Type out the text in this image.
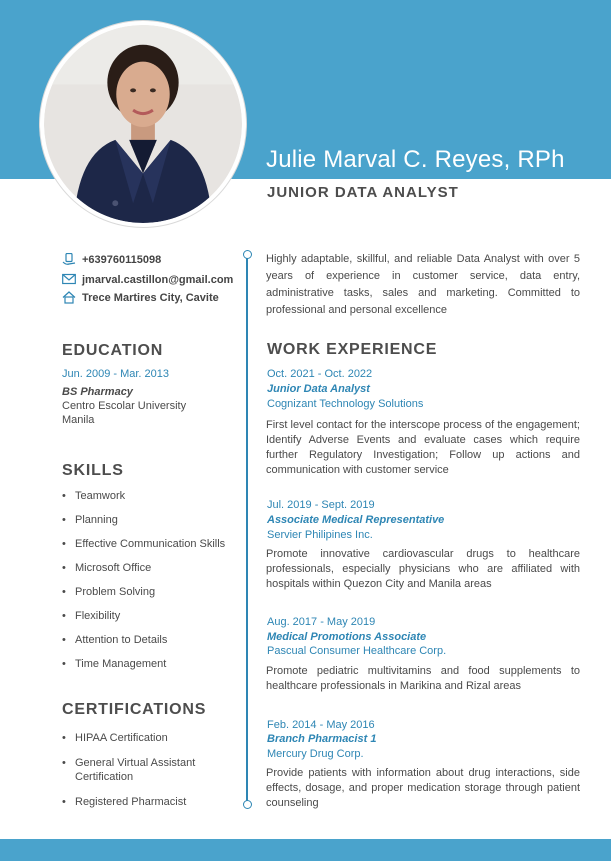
Julie Marval C. Reyes, RPh
JUNIOR DATA ANALYST
+639760115098
jmarval.castillon@gmail.com
Trece Martires City, Cavite
EDUCATION
Jun. 2009 - Mar. 2013
BS Pharmacy
Centro Escolar University
Manila
SKILLS
• Teamwork
• Planning
• Effective Communication Skills
• Microsoft Office
• Problem Solving
• Flexibility
• Attention to Details
• Time Management
CERTIFICATIONS
• HIPAA Certification
• General Virtual Assistant Certification
• Registered Pharmacist

Highly adaptable, skillful, and reliable Data Analyst with over 5 years of experience in customer service, data entry, administrative tasks, sales and marketing. Committed to professional and personal excellence

WORK EXPERIENCE
Oct. 2021 - Oct. 2022
Junior Data Analyst
Cognizant Technology Solutions

First level contact for the interscope process of the engagement; Identify Adverse Events and evaluate cases which require further Regulatory Investigation; Follow up actions and communication with customer service

Jul. 2019 - Sept. 2019
Associate Medical Representative
Servier Philipines Inc.

Promote innovative cardiovascular drugs to healthcare professionals, especially physicians who are affiliated with hospitals within Quezon City and Manila areas

Aug. 2017 - May 2019
Medical Promotions Associate
Pascual Consumer Healthcare Corp.

Promote pediatric multivitamins and food supplements to healthcare professionals in Marikina and Rizal areas

Feb. 2014 - May 2016
Branch Pharmacist 1
Mercury Drug Corp.

Provide patients with information about drug interactions, side effects, dosage, and proper medication storage through patient counseling
